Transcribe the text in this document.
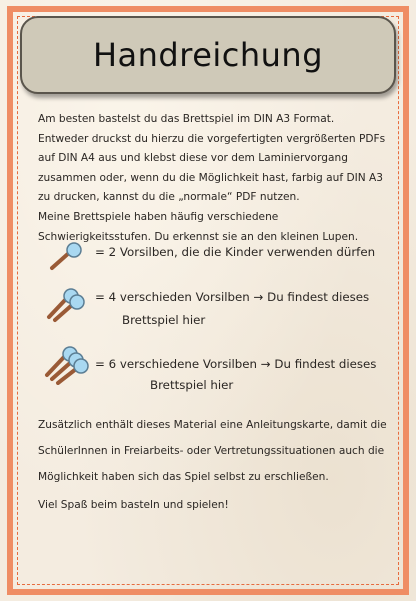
Handreichung
Am besten bastelst du das Brettspiel im DIN A3 Format.
Entweder druckst du hierzu die vorgefertigten vergrößerten PDFs
auf DIN A4 aus und klebst diese vor dem Laminiervorgang
zusammen oder, wenn du die Möglichkeit hast, farbig auf DIN A3
zu drucken, kannst du die „normale“ PDF nutzen.
Meine Brettspiele haben häufig verschiedene
Schwierigkeitsstufen. Du erkennst sie an den kleinen Lupen.
= 2 Vorsilben, die die Kinder verwenden dürfen
= 4 verschieden Vorsilben → Du findest dieses
Brettspiel hier
= 6 verschiedene Vorsilben → Du findest dieses
Brettspiel hier
Zusätzlich enthält dieses Material eine Anleitungskarte, damit die
SchülerInnen in Freiarbeits- oder Vertretungssituationen auch die
Möglichkeit haben sich das Spiel selbst zu erschließen.
Viel Spaß beim basteln und spielen!
